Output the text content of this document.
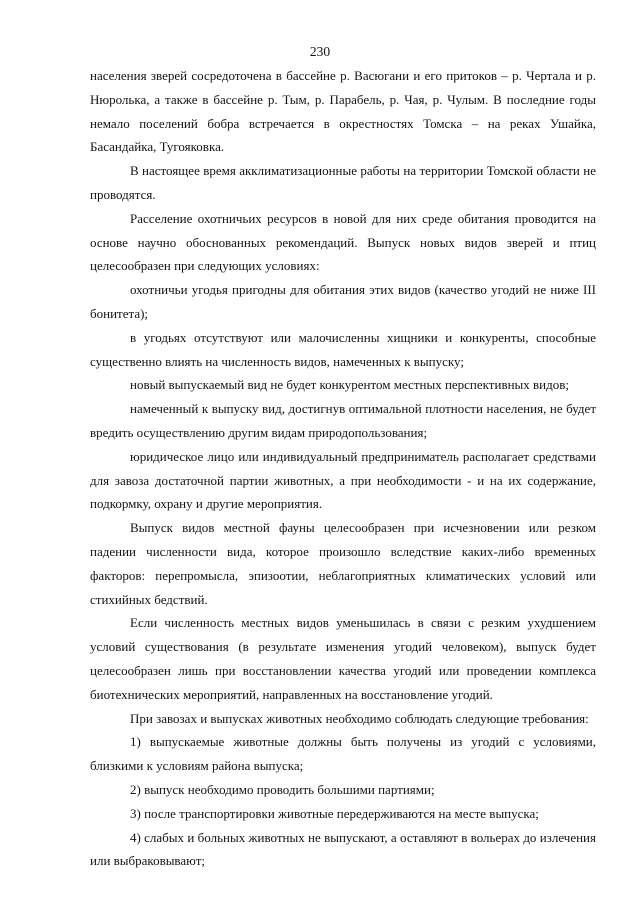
230

населения зверей сосредоточена в бассейне р. Васюгани и его притоков – р. Чертала и р. Нюролька, а также в бассейне р. Тым, р. Парабель, р. Чая, р. Чулым. В последние годы немало поселений бобра встречается в окрестностях Томска – на реках Ушайка, Басандайка, Тугояковка.

В настоящее время акклиматизационные работы на территории Томской области не проводятся.

Расселение охотничьих ресурсов в новой для них среде обитания проводится на основе научно обоснованных рекомендаций. Выпуск новых видов зверей и птиц целесообразен при следующих условиях:

охотничьи угодья пригодны для обитания этих видов (качество угодий не ниже III бонитета);

в угодьях отсутствуют или малочисленны хищники и конкуренты, способные существенно влиять на численность видов, намеченных к выпуску;

новый выпускаемый вид не будет конкурентом местных перспективных видов;

намеченный к выпуску вид, достигнув оптимальной плотности населения, не будет вредить осуществлению другим видам природопользования;

юридическое лицо или индивидуальный предприниматель располагает средствами для завоза достаточной партии животных, а при необходимости - и на их содержание, подкормку, охрану и другие мероприятия.

Выпуск видов местной фауны целесообразен при исчезновении или резком падении численности вида, которое произошло вследствие каких-либо временных факторов: перепромысла, эпизоотии, неблагоприятных климатических условий или стихийных бедствий.

Если численность местных видов уменьшилась в связи с резким ухудшением условий существования (в результате изменения угодий человеком), выпуск будет целесообразен лишь при восстановлении качества угодий или проведении комплекса биотехнических мероприятий, направленных на восстановление угодий.

При завозах и выпусках животных необходимо соблюдать следующие требования:

1) выпускаемые животные должны быть получены из угодий с условиями, близкими к условиям района выпуска;

2) выпуск необходимо проводить большими партиями;

3) после транспортировки животные передерживаются на месте выпуска;

4) слабых и больных животных не выпускают, а оставляют в вольерах до излечения или выбраковывают;
